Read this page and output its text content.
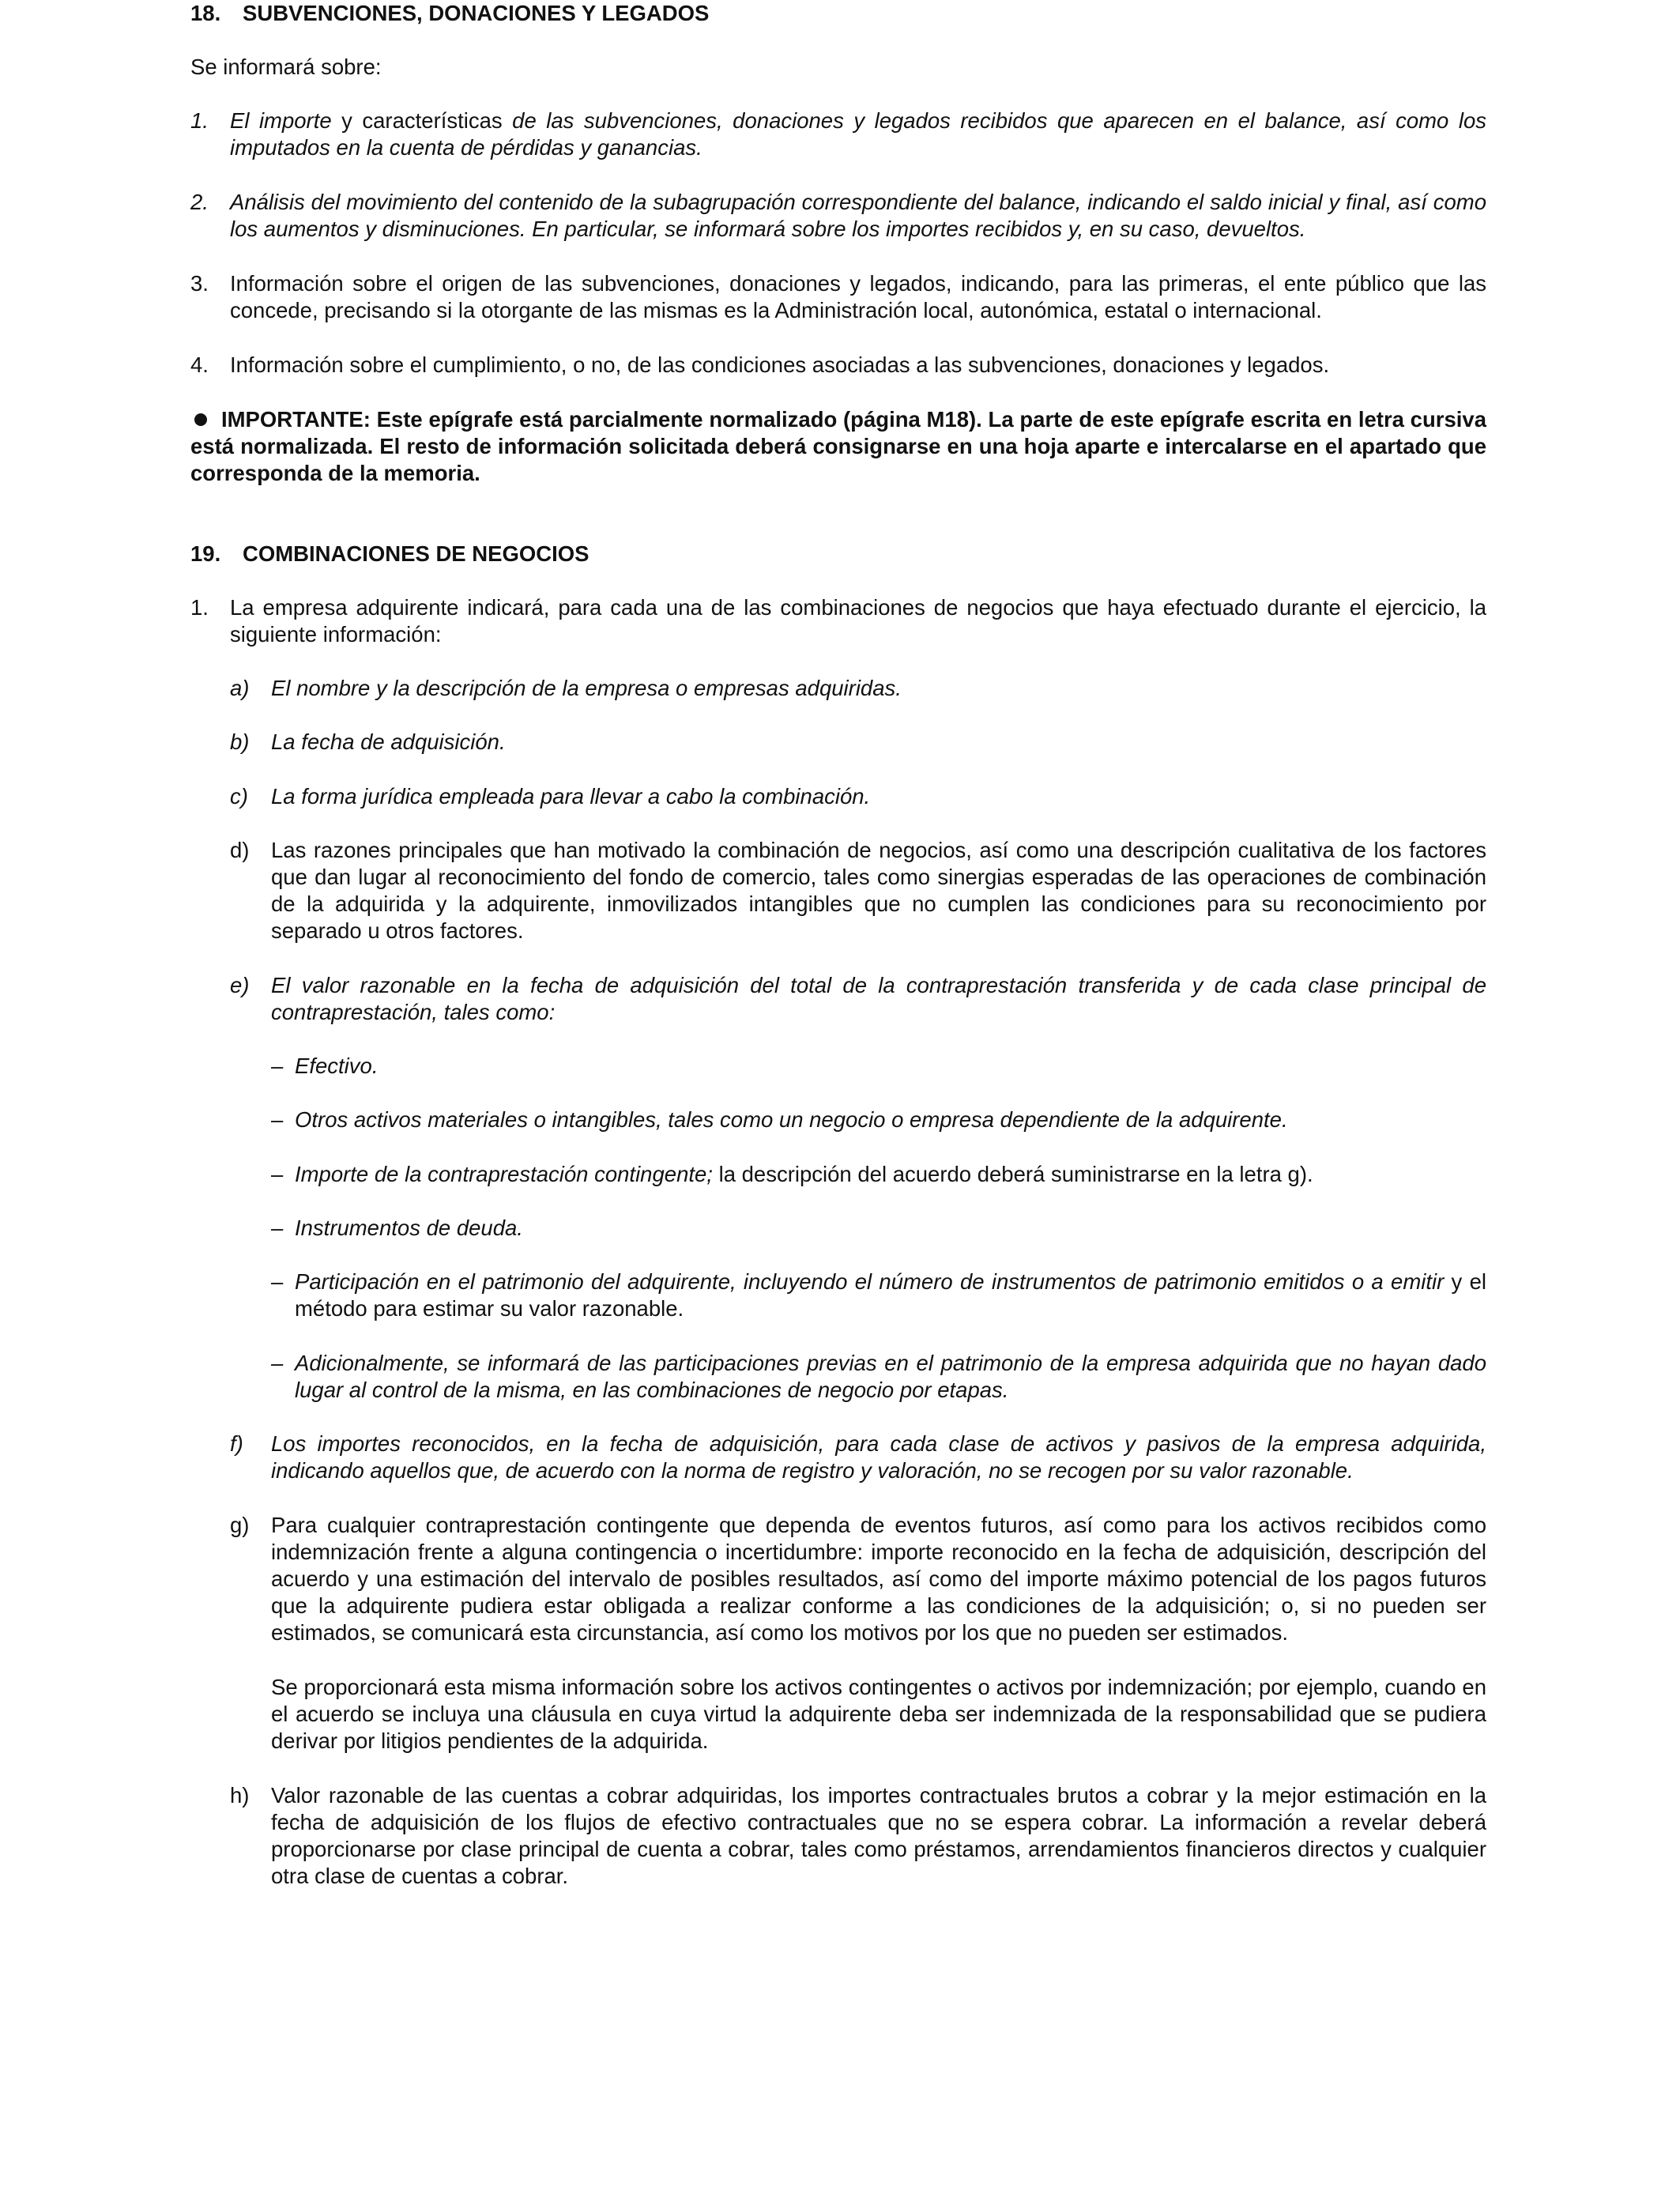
18. SUBVENCIONES, DONACIONES Y LEGADOS
Se informará sobre:
1. El importe y características de las subvenciones, donaciones y legados recibidos que aparecen en el balance, así como los imputados en la cuenta de pérdidas y ganancias.
2. Análisis del movimiento del contenido de la subagrupación correspondiente del balance, indicando el saldo inicial y final, así como los aumentos y disminuciones. En particular, se informará sobre los importes recibidos y, en su caso, devueltos.
3. Información sobre el origen de las subvenciones, donaciones y legados, indicando, para las primeras, el ente público que las concede, precisando si la otorgante de las mismas es la Administración local, autonómica, estatal o internacional.
4. Información sobre el cumplimiento, o no, de las condiciones asociadas a las subvenciones, donaciones y legados.
IMPORTANTE: Este epígrafe está parcialmente normalizado (página M18). La parte de este epígrafe escrita en letra cursiva está normalizada. El resto de información solicitada deberá consignarse en una hoja aparte e intercalarse en el apartado que corresponda de la memoria.
19. COMBINACIONES DE NEGOCIOS
1. La empresa adquirente indicará, para cada una de las combinaciones de negocios que haya efectuado durante el ejercicio, la siguiente información:
a) El nombre y la descripción de la empresa o empresas adquiridas.
b) La fecha de adquisición.
c) La forma jurídica empleada para llevar a cabo la combinación.
d) Las razones principales que han motivado la combinación de negocios, así como una descripción cualitativa de los factores que dan lugar al reconocimiento del fondo de comercio, tales como sinergias esperadas de las operaciones de combinación de la adquirida y la adquirente, inmovilizados intangibles que no cumplen las condiciones para su reconocimiento por separado u otros factores.
e) El valor razonable en la fecha de adquisición del total de la contraprestación transferida y de cada clase principal de contraprestación, tales como:
– Efectivo.
– Otros activos materiales o intangibles, tales como un negocio o empresa dependiente de la adquirente.
– Importe de la contraprestación contingente; la descripción del acuerdo deberá suministrarse en la letra g).
– Instrumentos de deuda.
– Participación en el patrimonio del adquirente, incluyendo el número de instrumentos de patrimonio emitidos o a emitir y el método para estimar su valor razonable.
– Adicionalmente, se informará de las participaciones previas en el patrimonio de la empresa adquirida que no hayan dado lugar al control de la misma, en las combinaciones de negocio por etapas.
f) Los importes reconocidos, en la fecha de adquisición, para cada clase de activos y pasivos de la empresa adquirida, indicando aquellos que, de acuerdo con la norma de registro y valoración, no se recogen por su valor razonable.
g) Para cualquier contraprestación contingente que dependa de eventos futuros, así como para los activos recibidos como indemnización frente a alguna contingencia o incertidumbre: importe reconocido en la fecha de adquisición, descripción del acuerdo y una estimación del intervalo de posibles resultados, así como del importe máximo potencial de los pagos futuros que la adquirente pudiera estar obligada a realizar conforme a las condiciones de la adquisición; o, si no pueden ser estimados, se comunicará esta circunstancia, así como los motivos por los que no pueden ser estimados.
Se proporcionará esta misma información sobre los activos contingentes o activos por indemnización; por ejemplo, cuando en el acuerdo se incluya una cláusula en cuya virtud la adquirente deba ser indemnizada de la responsabilidad que se pudiera derivar por litigios pendientes de la adquirida.
h) Valor razonable de las cuentas a cobrar adquiridas, los importes contractuales brutos a cobrar y la mejor estimación en la fecha de adquisición de los flujos de efectivo contractuales que no se espera cobrar. La información a revelar deberá proporcionarse por clase principal de cuenta a cobrar, tales como préstamos, arrendamientos financieros directos y cualquier otra clase de cuentas a cobrar.
